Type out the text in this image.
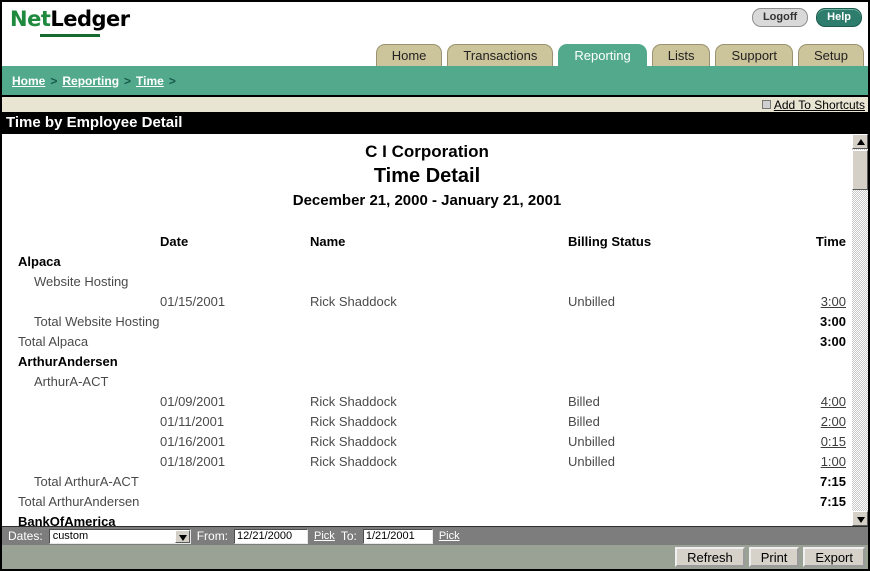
NetLedger	Logoff	Help
Home	Transactions	Reporting	Lists	Support	Setup
Home > Reporting > Time >
Add To Shortcuts
Time by Employee Detail
C I Corporation
Time Detail
December 21, 2000 - January 21, 2001
Date	Name	Billing Status	Time
Alpaca
Website Hosting
01/15/2001	Rick Shaddock	Unbilled	3:00
Total Website Hosting	3:00
Total Alpaca	3:00
ArthurAndersen
ArthurA-ACT
01/09/2001	Rick Shaddock	Billed	4:00
01/11/2001	Rick Shaddock	Billed	2:00
01/16/2001	Rick Shaddock	Unbilled	0:15
01/18/2001	Rick Shaddock	Unbilled	1:00
Total ArthurA-ACT	7:15
Total ArthurAndersen	7:15
BankOfAmerica
Dates: custom	From:
12/21/2000	Pick To:
1/21/2001	Pick
Refresh	Print	Export
